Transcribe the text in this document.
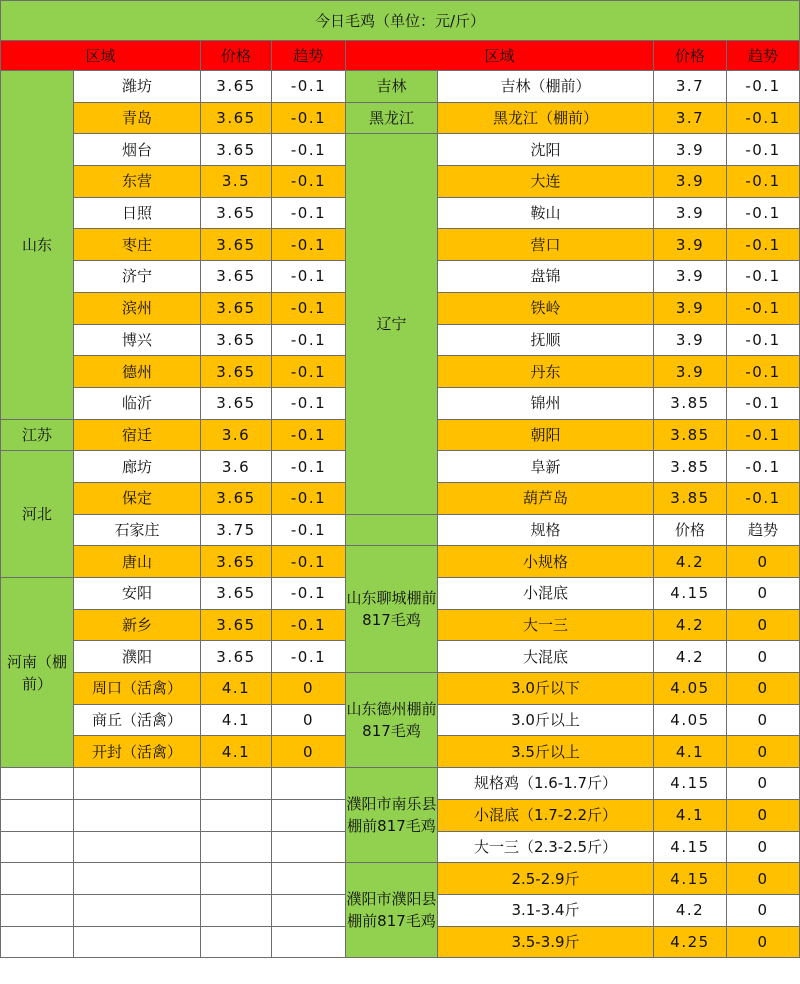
今日毛鸡（单位：元/斤）							
区域		价格	趋势	区域		价格	趋势
山东	潍坊	3.65	-0.1	吉林	吉林（棚前）	3.7	-0.1
	青岛	3.65	-0.1	黑龙江	黑龙江（棚前）	3.7	-0.1
	烟台	3.65	-0.1	辽宁	沈阳	3.9	-0.1
	东营	3.5	-0.1		大连	3.9	-0.1
	日照	3.65	-0.1		鞍山	3.9	-0.1
	枣庄	3.65	-0.1		营口	3.9	-0.1
	济宁	3.65	-0.1		盘锦	3.9	-0.1
	滨州	3.65	-0.1		铁岭	3.9	-0.1
	博兴	3.65	-0.1		抚顺	3.9	-0.1
	德州	3.65	-0.1		丹东	3.9	-0.1
	临沂	3.65	-0.1		锦州	3.85	-0.1
江苏	宿迁	3.6	-0.1		朝阳	3.85	-0.1
河北	廊坊	3.6	-0.1		阜新	3.85	-0.1
	保定	3.65	-0.1		葫芦岛	3.85	-0.1
	石家庄	3.75	-0.1		规格	价格	趋势
	唐山	3.65	-0.1	山东聊城棚前817毛鸡	小规格	4.2	0
河南（棚前）	安阳	3.65	-0.1		小混底	4.15	0
	新乡	3.65	-0.1		大一三	4.2	0
	濮阳	3.65	-0.1		大混底	4.2	0
	周口（活禽）	4.1	0	山东德州棚前817毛鸡	3.0斤以下	4.05	0
	商丘（活禽）	4.1	0		3.0斤以上	4.05	0
	开封（活禽）	4.1	0		3.5斤以上	4.1	0
				濮阳市南乐县棚前817毛鸡	规格鸡（1.6-1.7斤）	4.15	0
					小混底（1.7-2.2斤）	4.1	0
					大一三（2.3-2.5斤）	4.15	0
				濮阳市濮阳县棚前817毛鸡	2.5-2.9斤	4.15	0
					3.1-3.4斤	4.2	0
					3.5-3.9斤	4.25	0
